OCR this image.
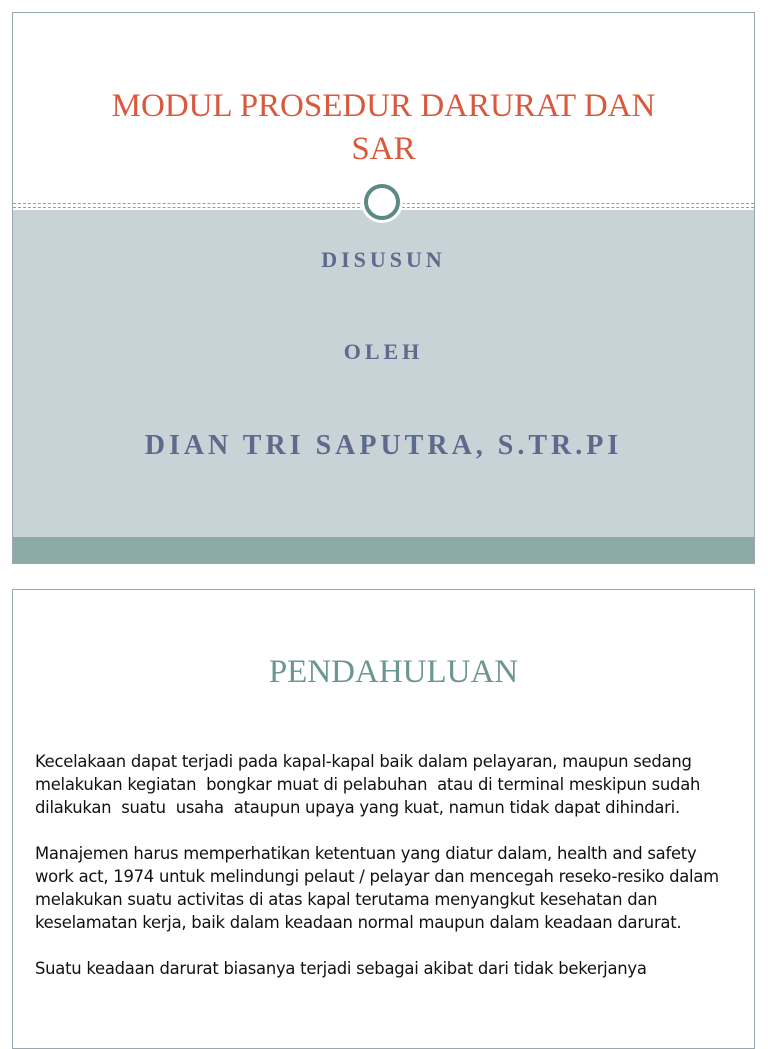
MODUL PROSEDUR DARURAT DAN
SAR

DISUSUN

OLEH

DIAN TRI SAPUTRA, S.TR.PI

PENDAHULUAN

Kecelakaan dapat terjadi pada kapal-kapal baik dalam pelayaran, maupun sedang melakukan kegiatan  bongkar muat di pelabuhan  atau di terminal meskipun sudah dilakukan  suatu  usaha  ataupun upaya yang kuat, namun tidak dapat dihindari.

Manajemen harus memperhatikan ketentuan yang diatur dalam, health and safety work act, 1974 untuk melindungi pelaut / pelayar dan mencegah reseko-resiko dalam melakukan suatu activitas di atas kapal terutama menyangkut kesehatan dan keselamatan kerja, baik dalam keadaan normal maupun dalam keadaan darurat.

Suatu keadaan darurat biasanya terjadi sebagai akibat dari tidak bekerjanya
